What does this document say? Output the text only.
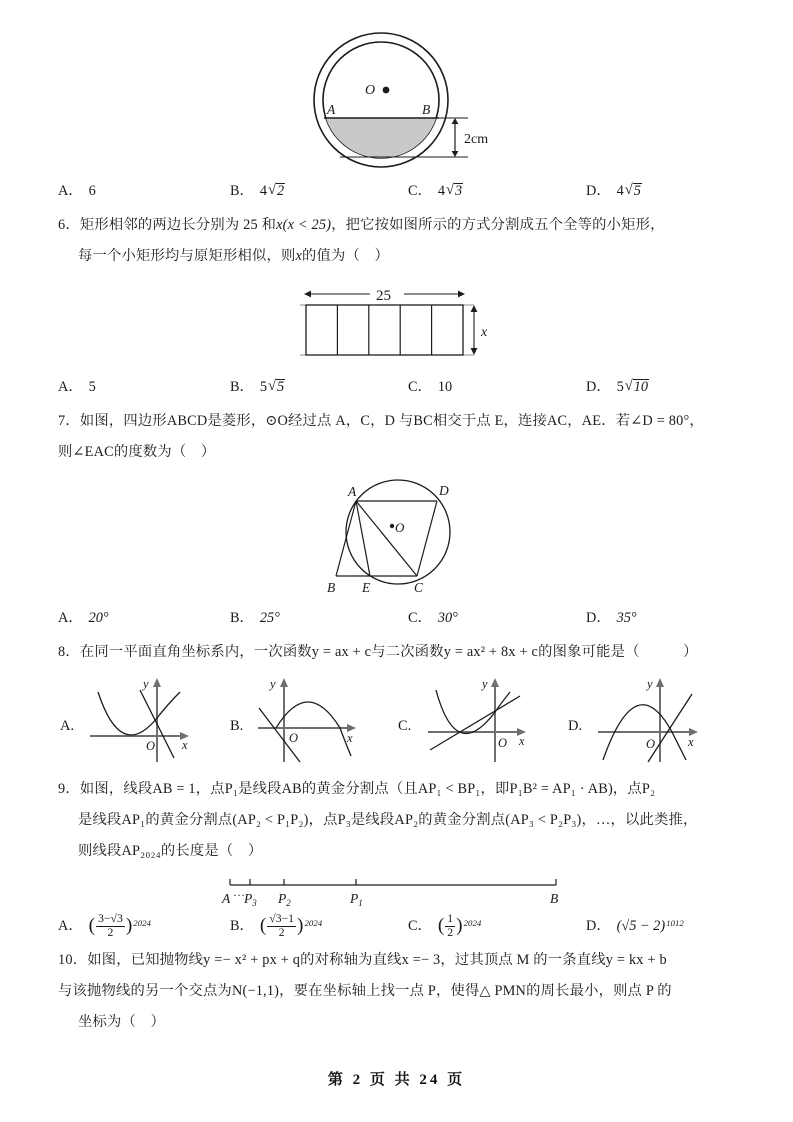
O
A	B
2cm
A． 6	B． 4 √ 2	C． 4 √ 3	D． 4 √ 5
6．矩形相邻的两边长分别为 25 和x(x < 25)，把它按如图所示的方式分割成五个全等的小矩形，
每一个小矩形均与原矩形相似，则x的值为（　）
25
x
A． 5	B． 5 √ 5	C． 10	D． 5 √ 10
7．如图，四边形ABCD是菱形，⊙O经过点 A，C，D 与BC相交于点 E，连接AC，AE．若∠D = 80°，
则∠EAC的度数为（　）
O
A	D
B E	C
A． 20°	B． 25°	C． 30°	D． 35°
8．在同一平面直角坐标系内，一次函数y = ax + c与二次函数y = ax² + 8x + c的图象可能是（　　　）
A.
O x
y
B.
O	x
y
C.
O x
y
D.
O	x
y
9．如图，线段AB = 1，点P₁是线段AB的黄金分割点（且AP₁ < BP₁，即P₁B² = AP₁ · AB)，点P₂
是线段AP₁的黄金分割点(AP₂ < P₁P₂)，点P₃是线段AP₂的黄金分割点(AP₃ < P₂P₃)，…，以此类推，
则线段AP₂₀₂₄的长度是（　）
A ··· $P_3$ $P_2$	$P_1$	B
A． ( $\frac{3-√3}{2}$ ) 2024	B． ( $\frac{√3-1}{2}$ ) 2024	C． ( $\frac{1}{2}$ ) 2024	D． (√5 − 2) 1012
10．如图，已知抛物线y =− x² + px + q的对称轴为直线x =− 3，过其顶点 M 的一条直线y = kx + b
与该抛物线的另一个交点为N(−1,1)，要在坐标轴上找一点 P，使得△ PMN的周长最小，则点 P 的
坐标为（　）
第 2 页 共 24 页
